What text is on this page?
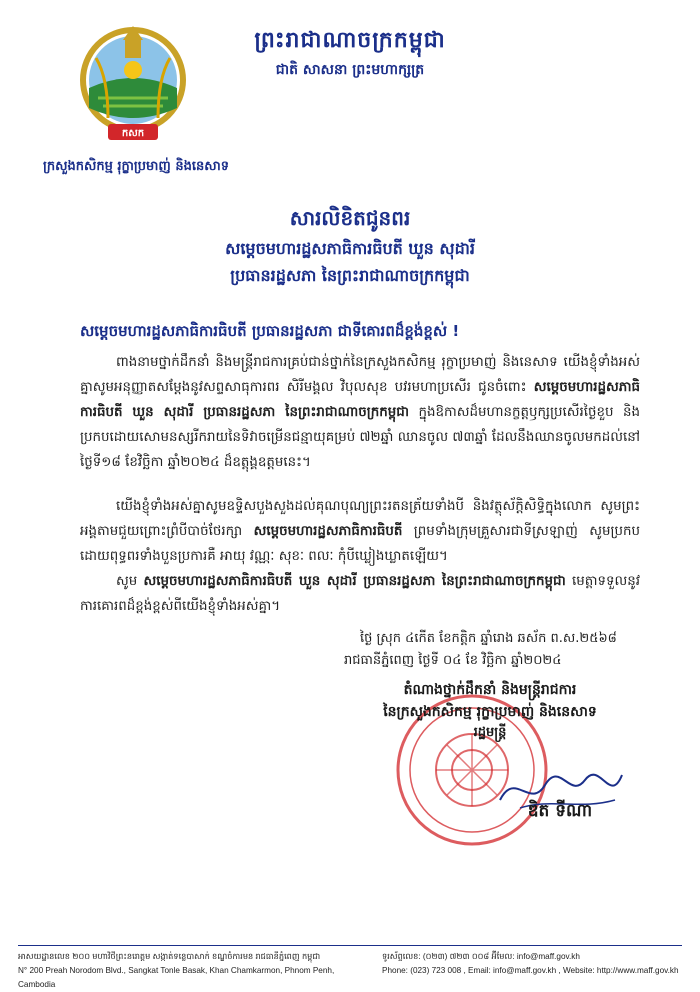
ព្រះរាជាណាចក្រកម្ពុជា
ជាតិ សាសនា ព្រះមហាក្សត្រ
កសក
ក្រសួងកសិកម្ម រុក្ខាប្រមាញ់ និងនេសាទ
សារលិខិតជូនពរ
សម្តេចមហារដ្ឋសភាធិការធិបតី ឃួន សុដារី
ប្រធានរដ្ឋសភា នៃព្រះរាជាណាចក្រកម្ពុជា
សម្តេចមហារដ្ឋសភាធិការធិបតី ប្រធានរដ្ឋសភា ជាទីគោរពដ៏ខ្ពង់ខ្ពស់ !
ពាងនាមថ្នាក់ដឹកនាំ និងមន្ត្រីរាជការគ្រប់ជាន់ថ្នាក់នៃក្រសួងកសិកម្ម រុក្ខាប្រមាញ់ និងនេសាទ យើងខ្ញុំទាំងអស់គ្នាសូមអនុញ្ញាតសម្តែងនូវសព្ទសាធុការពរ សិរីមង្គល វិបុលសុខ បវរមហាប្រសើរ ជូនចំពោះ សម្តេចមហារដ្ឋសភាធិការធិបតី ឃួន សុដារី ប្រធានរដ្ឋសភា នៃព្រះរាជាណាចក្រកម្ពុជា ក្នុងឱកាសដ៏មហានក្ខត្តឫក្សប្រសើរថ្ងៃខួប និងប្រកបដោយសោមនស្សរីករាយនៃទិវាចម្រើនជន្មាយុគម្រប់ ៧២ឆ្នាំ ឈានចូល ៧៣ឆ្នាំ ដែលនឹងឈានចូលមកដល់នៅថ្ងៃទី១៨ ខែវិច្ឆិកា ឆ្នាំ២០២៤ ដ៏ឧត្តុង្គឧត្តមនេះ។
យើងខ្ញុំទាំងអស់គ្នាសូមឧទ្ទិសបួងសួងដល់គុណបុណ្យព្រះរតនត្រ័យទាំងបី និងវត្ថុស័ក្តិសិទ្ធិក្នុងលោក សូមព្រះអង្គតាមជួយព្រោះព្រំបីបាច់ថែរក្សា សម្តេចមហារដ្ឋសភាធិការធិបតី ព្រមទាំងក្រុមគ្រួសារជាទីស្រឡាញ់ សូមប្រកបដោយពុទ្ធពរទាំងបួនប្រការគឺ អាយុ វណ្ណៈ សុខៈ ពលៈ កុំបីឃ្លៀងឃ្លាតឡើយ។
សូម សម្តេចមហារដ្ឋសភាធិការធិបតី ឃួន សុដារី ប្រធានរដ្ឋសភា នៃព្រះរាជាណាចក្រកម្ពុជា មេត្តាទទួលនូវការគោរពដ៏ខ្ពង់ខ្ពស់ពីយើងខ្ញុំទាំងអស់គ្នា។
ថ្ងៃ ស្រុក ៤កើត ខែកត្តិក ឆ្នាំរោង ឆស័ក ព.ស.២៥៦៨
រាជធានីភ្នំពេញ ថ្ងៃទី ០៤ ខែ វិច្ឆិកា ឆ្នាំ២០២៤
តំណាងថ្នាក់ដឹកនាំ និងមន្ត្រីរាជការ
នៃក្រសួងកសិកម្ម រុក្ខាប្រមាញ់ និងនេសាទ
រដ្ឋមន្ត្រី
ឌិត ទីណា
អាសយដ្ឋានលេខ ២០០ មហាវិថីព្រះនរោត្តម សង្កាត់ទន្លេបាសាក់ ខណ្ឌចំការមន រាជធានីភ្នំពេញ កម្ពុជា
N° 200 Preah Norodom Blvd., Sangkat Tonle Basak, Khan Chamkarmon, Phnom Penh, Cambodia
ទូរស័ព្ទលេខ: (០២៣) ៧២៣ ០០៨ អ៊ីមែល: info@maff.gov.kh
Phone: (023) 723 008 , Email: info@maff.gov.kh , Website: http://www.maff.gov.kh
